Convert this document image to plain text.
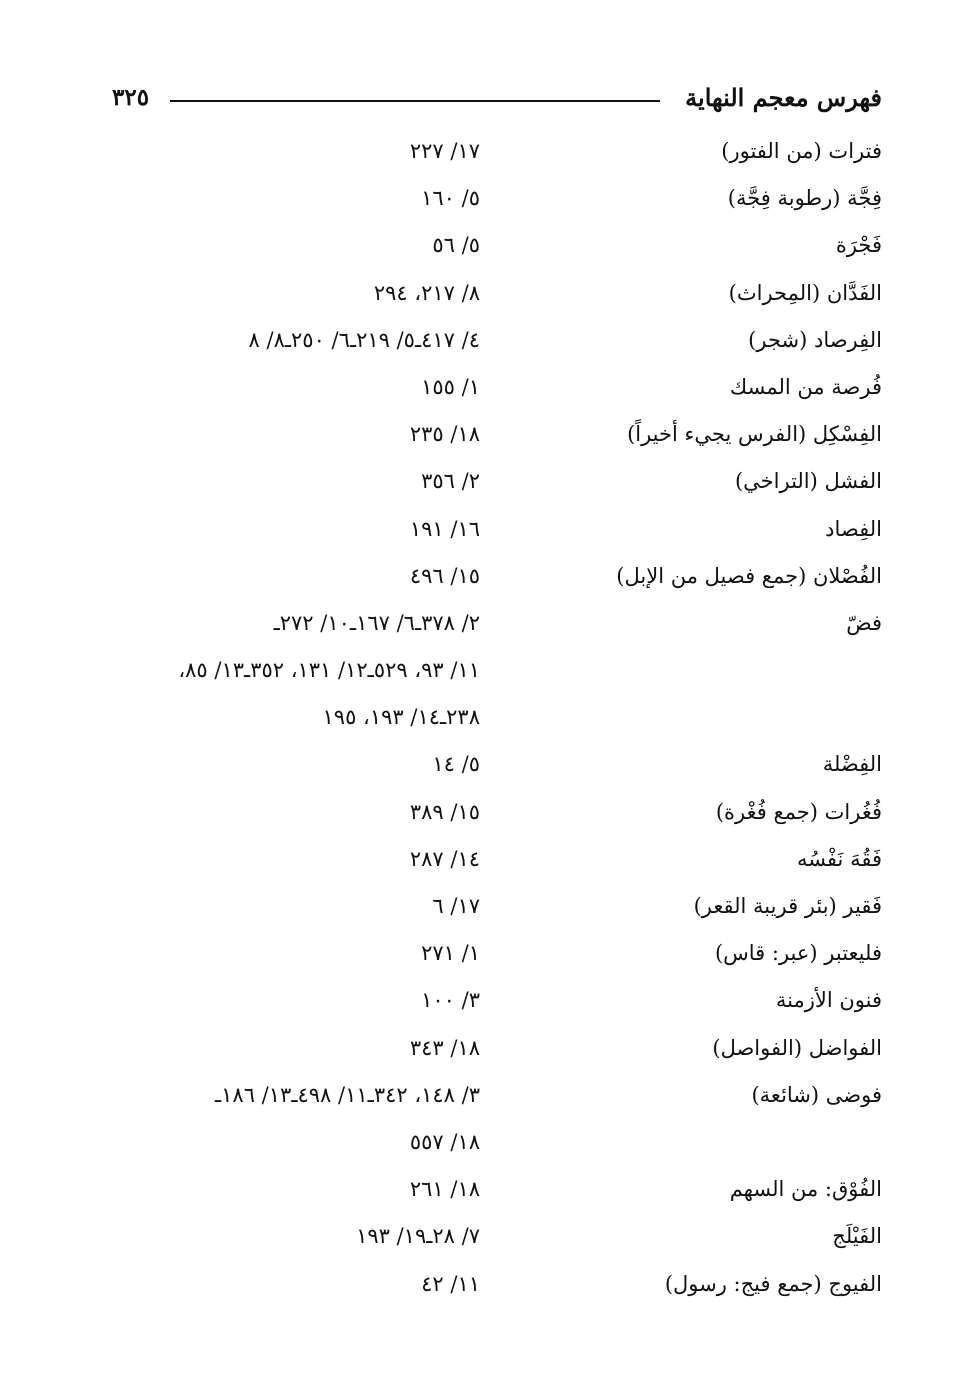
فهرس معجم النهاية
٣٢٥
فترات (من الفتور)
١٧/ ٢٢٧
فِجَّة (رطوبة فِجَّة)
٥/ ١٦٠
فَجْرَة
٥/ ٥٦
الفَدَّان (المِحراث)
٨/ ٢١٧، ٢٩٤
الفِرصاد (شجر)
٤/ ٤١٧ـ٥/ ٢١٩ـ٦/ ٢٥٠ـ٨/ ٨
فُرصة من المسك
١/ ١٥٥
الفِسْكِل (الفرس يجيء أخيراً)
١٨/ ٢٣٥
الفشل (التراخي)
٢/ ٣٥٦
الفِصاد
١٦/ ١٩١
الفُصْلان (جمع فصيل من الإبل)
١٥/ ٤٩٦
فضّ
٢/ ٣٧٨ـ٦/ ١٦٧ـ١٠/ ٢٧٢ـ
١١/ ٩٣، ٥٢٩ـ١٢/ ١٣١، ٣٥٢ـ١٣/ ٨٥،
٢٣٨ـ١٤/ ١٩٣، ١٩٥
الفِضْلة
٥/ ١٤
فُغُرات (جمع فُغْرة)
١٥/ ٣٨٩
فَقُهَ نَفْسُه
١٤/ ٢٨٧
فَقير (بئر قريبة القعر)
١٧/ ٦
فليعتبر (عبر: قاس)
١/ ٢٧١
فنون الأزمنة
٣/ ١٠٠
الفواضل (الفواصل)
١٨/ ٣٤٣
فوضى (شائعة)
٣/ ١٤٨، ٣٤٢ـ١١/ ٤٩٨ـ١٣/ ١٨٦ـ
١٨/ ٥٥٧
الفُوْق: من السهم
١٨/ ٢٦١
الفَيْلَج
٧/ ٢٨ـ١٩/ ١٩٣
الفيوج (جمع فيج: رسول)
١١/ ٤٢
